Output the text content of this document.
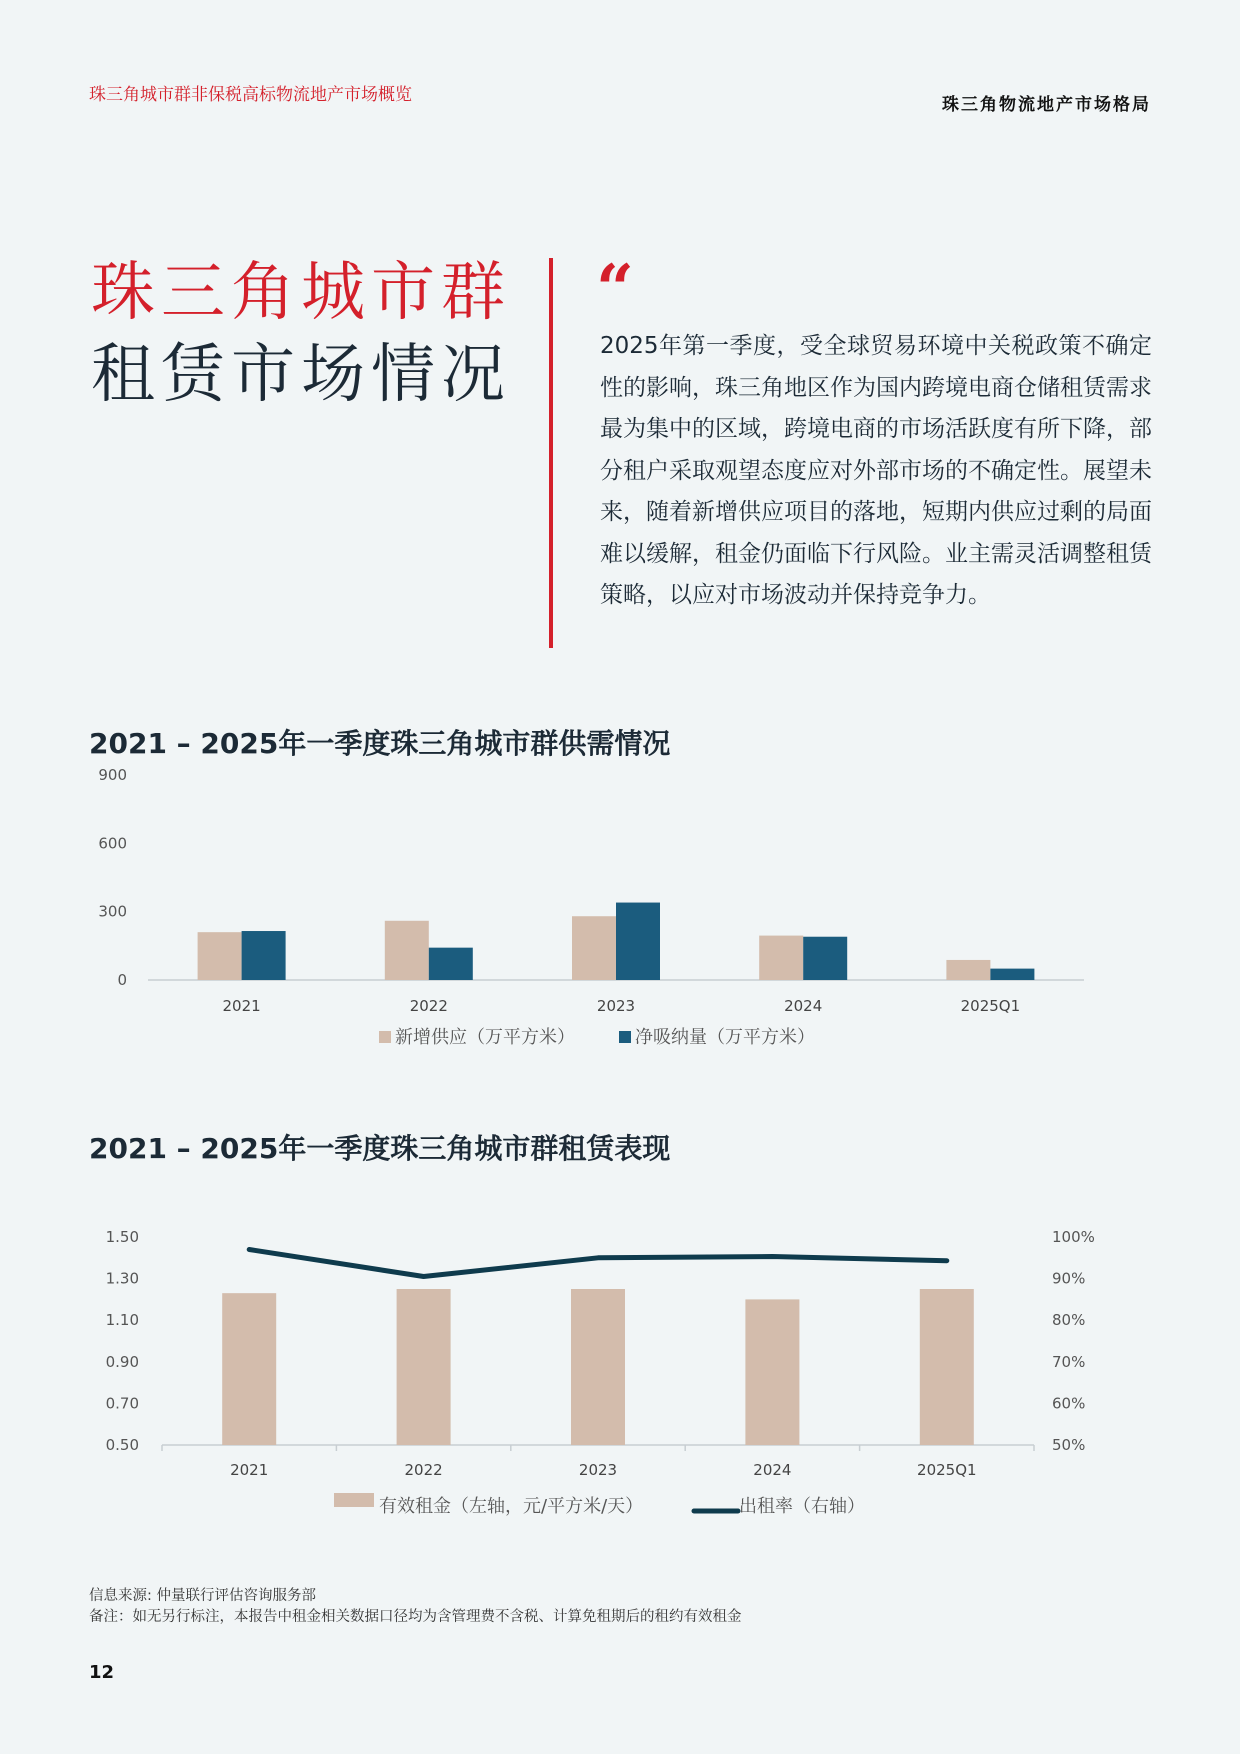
珠三角城市群非保税高标物流地产市场概览	珠三角物流地产市场格局
珠三角城市群
租赁市场情况
“
2025年第一季度，受全球贸易环境中关税政策不确定性的影响，珠三角地区作为国内跨境电商仓储租赁需求最为集中的区域，跨境电商的市场活跃度有所下降，部分租户采取观望态度应对外部市场的不确定性。展望未来，随着新增供应项目的落地，短期内供应过剩的局面难以缓解，租金仍面临下行风险。业主需灵活调整租赁策略，以应对市场波动并保持竞争力。
2021 – 2025年一季度珠三角城市群供需情况
0
300
600
900
2021	2022	2023	2024	2025Q1
新增供应（万平方米）	净吸纳量（万平方米）
2021 – 2025年一季度珠三角城市群租赁表现
1.50
1.30
1.10
0.90
0.70
0.50
100%
90%
80%
70%
60%
50%
2021	2022	2023	2024	2025Q1
有效租金（左轴，元/平方米/天）	出租率（右轴）
信息来源: 仲量联行评估咨询服务部
备注：如无另行标注，本报告中租金相关数据口径均为含管理费不含税、计算免租期后的租约有效租金
12
